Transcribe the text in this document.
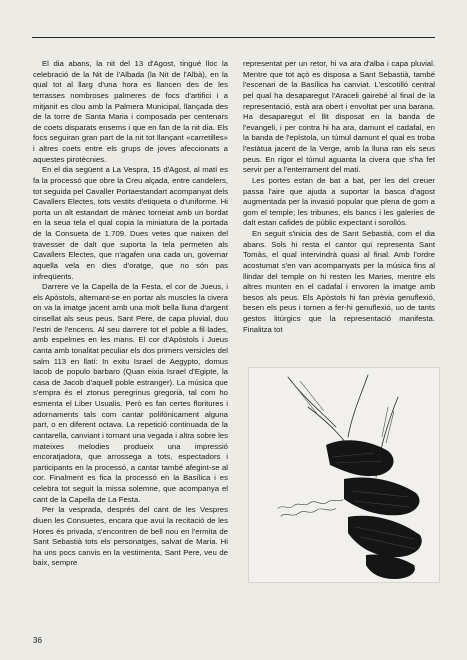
El dia abans, la nit del 13 d'Agost, tingué lloc la celebració de la Nit de l'Albada (la Nit de l'Albà), en la qual tot al llarg d'una hora es llancen des de les terrasses nombroses palmeres de focs d'artifici i a mitjanit es clou amb la Palmera Municipal, llançada des de la torre de Santa Maria i composada per centenars de coets disparats ensems i que en fan de la nit dia. Els focs seguiran gran part de la nit tot llançant «carretilles» i altres coets entre els grups de joves afeccionats a aquestes pirotècnies.

En el dia següent a La Vespra, 15 d'Agost, al matí es fa la processó que obre la Creu alçada, entre candelers, tot seguida pel Cavaller Portaestandart acompanyat dels Cavallers Electes, tots vestits d'etiqueta o d'uniforme. Hi porta un alt estandart de mànec torneiat amb un bordat en la seua tela el qual copia la miniatura de la portada de la Consueta de 1.709. Dues vetes que naixen del travesser de dalt que suporta la tela permeten als Cavallers Electes, que n'agafen una cada un, governar aquella vela en dies d'oratge, que no són pas infreqüents.

Darrere ve la Capella de la Festa, el cor de Jueus, i els Apòstols, alternant-se en portar als muscles la civera on va la imatge jacent amb una molt bella lluna d'argent cinsellat als seus peus. Sant Pere, de capa pluvial, duu l'estri de l'encens. Al seu darrere tot el poble a fil·lades, amb espelmes en les mans. El cor d'Apòstols i Jueus canta amb tonalitat peculiar els dos primers versicles del salm 113 en llatí: In exitu Israel de Aegypto, domus Iacob de populo barbaro (Quan eixia Israel d'Egipte, la casa de Jacob d'aquell poble estranger). La música que s'empra és el ztonus peregrinus gregorià, tal com ho esmenta el Liber Usualis. Però es fan certes floritures i adornaments tals com cantar polifònicament alguna part, o en diferent octava. La repetició continuada de la cantarella, canviant i tornant una vegada i altra sobre les mateixes melodies produeix una impressió encoratjadora, que arrossega a tots, espectadors i participants en la processó, a cantar també afegint-se al cor. Finalment es fica la processó en la Basílica i es celebra tot seguit la missa solemne, que acompanya el cant de la Capella de La Festa.

Per la vesprada, després del cant de les Vespres diuen les Consuetes, encara que avui la recitació de les Hores és privada, s'encontren de bell nou en l'ermita de Sant Sebastià tots els personatges, salvat de Maria. Hi ha uns pocs canvis en la vestimenta, Sant Pere, veu de baix, sempre

representat per un retor, hi va ara d'alba i capa pluvial. Mentre que tot açò es disposa a Sant Sebastià, també l'escenari de la Basílica ha canviat. L'escotilló central pel qual ha desaparegut l'Araceli gairebé al final de la representació, està ara obert i envoltat per una barana. Ha desaparegut el llit disposat en la banda de l'evangeli, i per contra hi ha ara, damunt el cadafal, en la banda de l'epístola, un túmul damunt el qual es troba l'estàtua jacent de la Verge, amb la lluna ran els seus peus. En rigor el túmul aguanta la civera que s'ha fet servir per a l'enterrament del matí.

Les portes estan de bat a bat, per les del creuer passa l'aire que ajuda a suportar la basca d'agost augmentada per la invasió popular que plena de gom a gom el temple; les tribunes, els bancs i les galeries de dalt estan cafides de públic expectant i sorollós.

En seguit s'inicia des de Sant Sebastià, com el dia abans. Sols hi resta el cantor qui representa Sant Tomàs, el qual intervindrà quasi al final. Amb l'ordre acostumat s'en van acompanyats per la música fins al llindar del temple on hi resten les Maries, mentre els altres munten en el cadafal i envoren la imatge amb besos als peus. Els Apòstols hi fan prèvia genuflexió, besen els peus i tornen a fer-hi genuflexió, uo de tants gestos litúrgics que la representació manifesta. Finalitza tot

36
